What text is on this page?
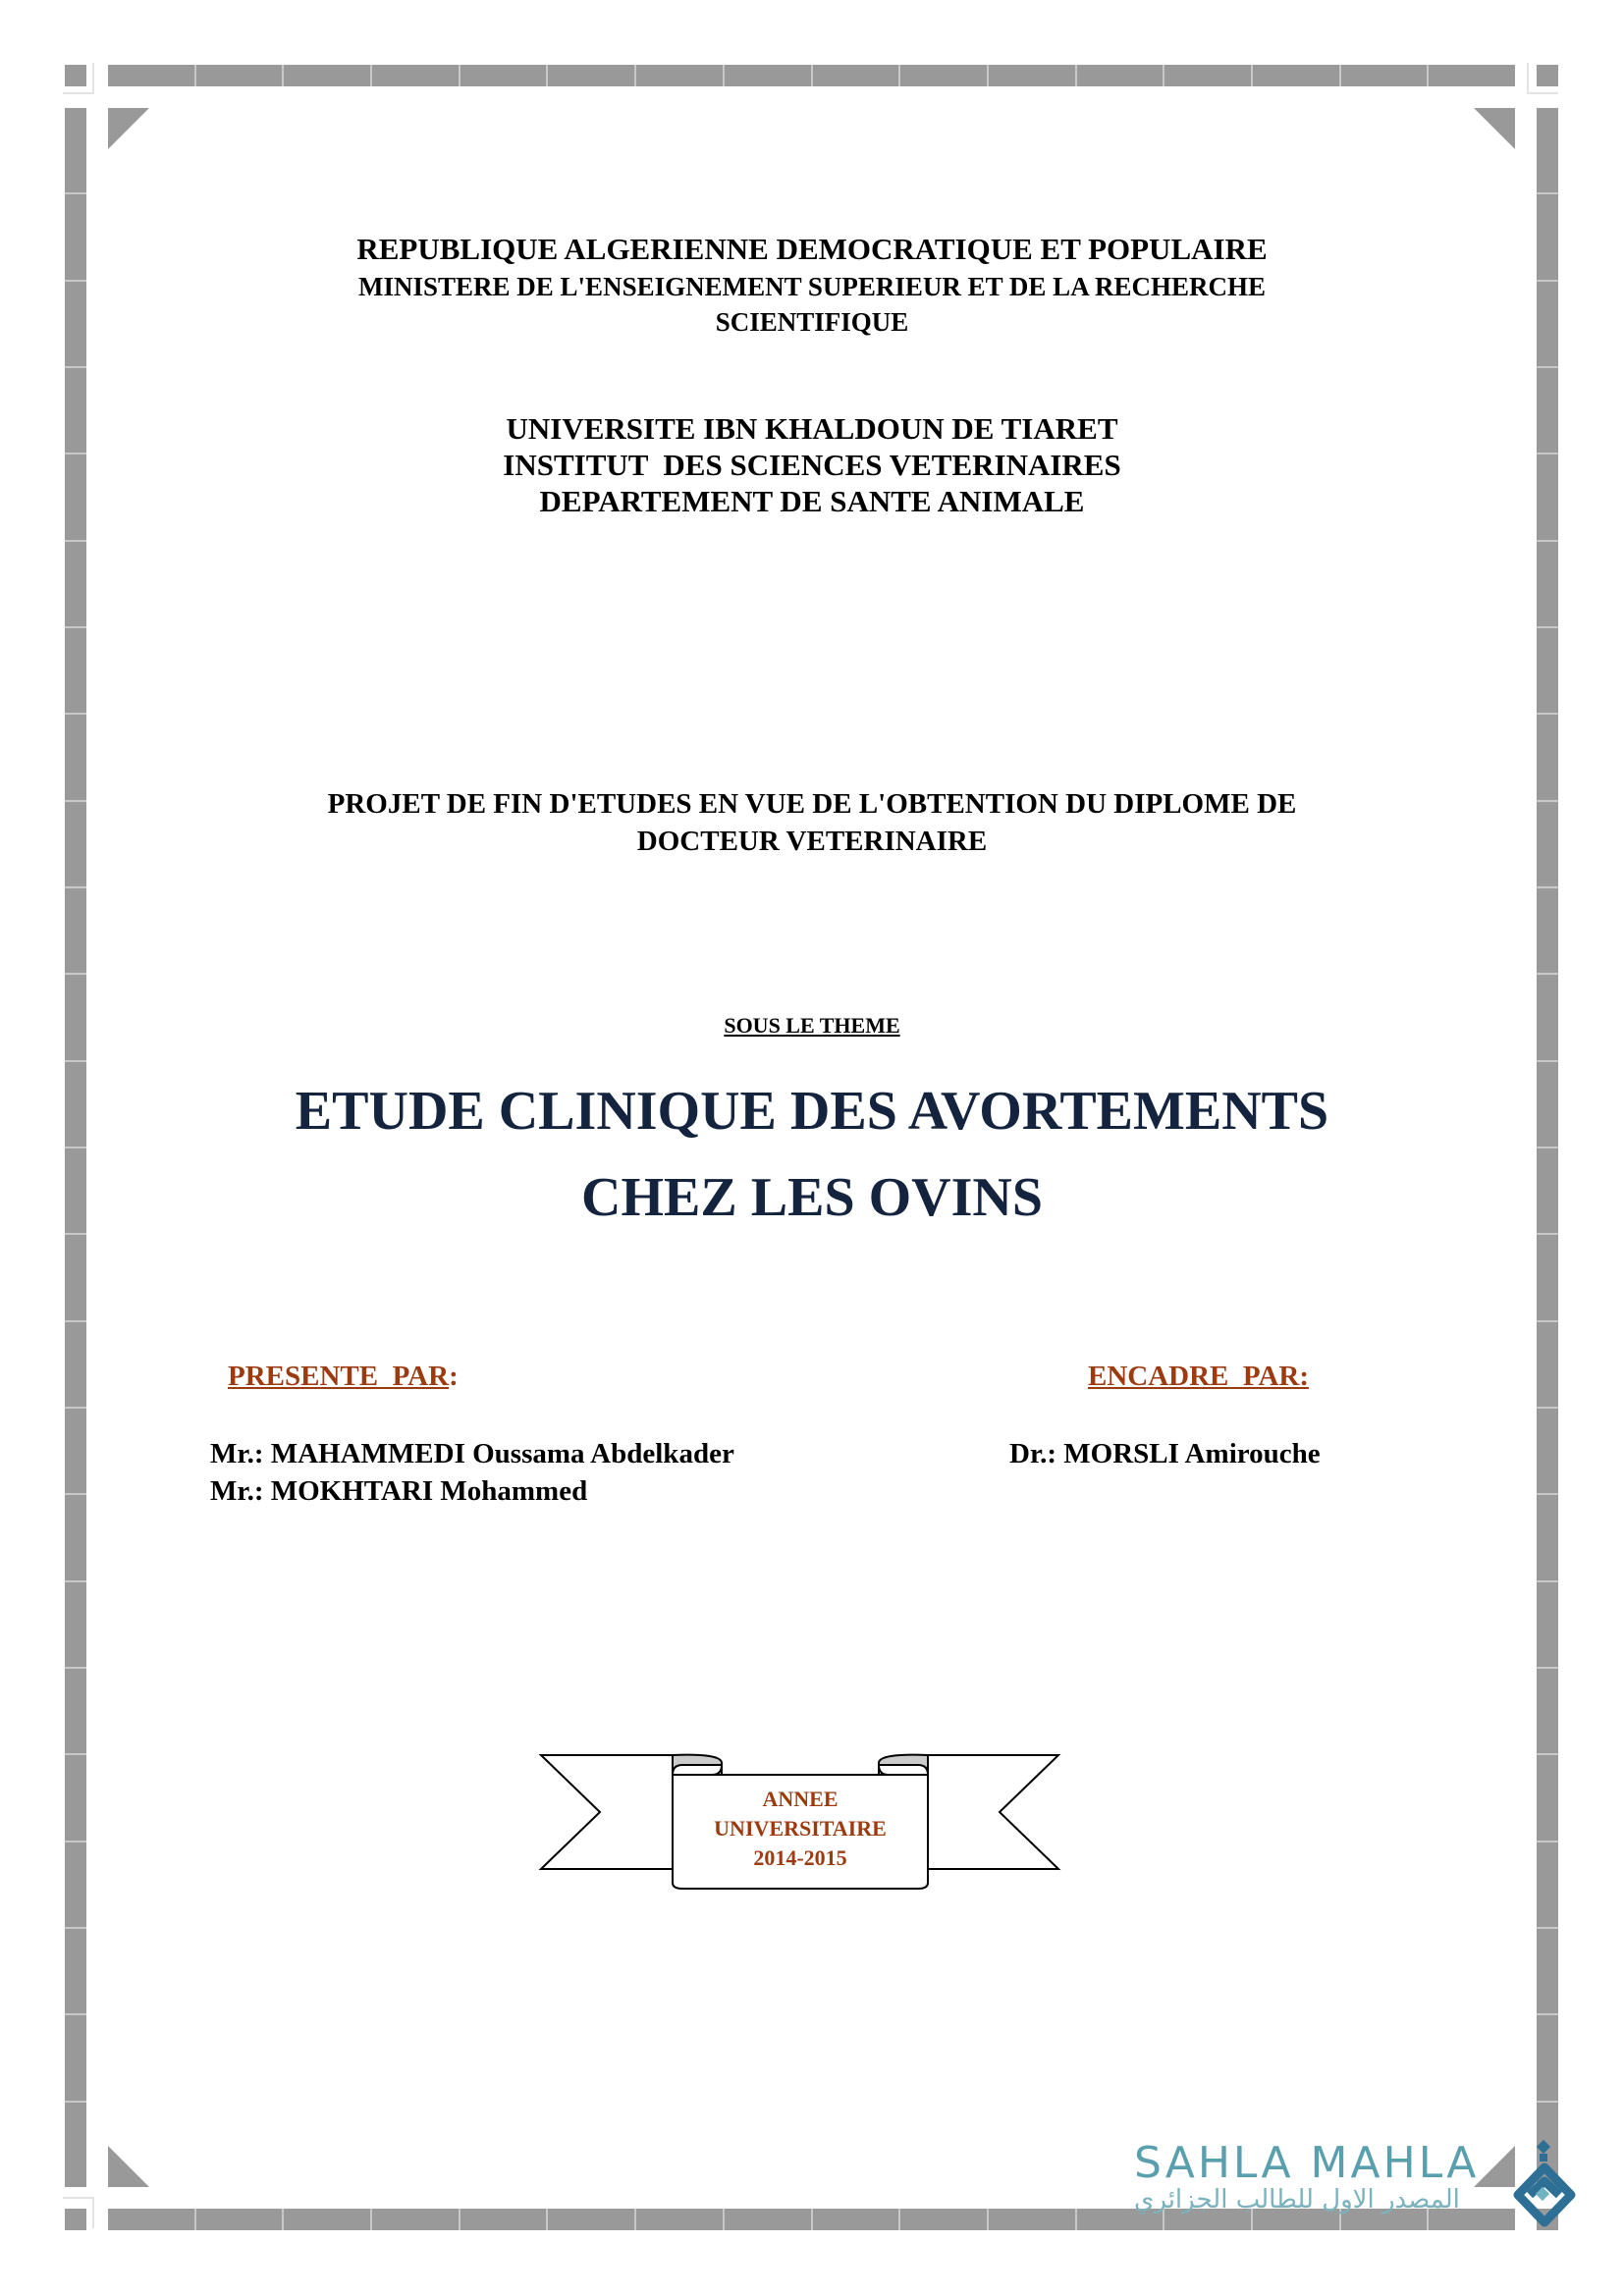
REPUBLIQUE ALGERIENNE DEMOCRATIQUE ET POPULAIRE
MINISTERE DE L'ENSEIGNEMENT SUPERIEUR ET DE LA RECHERCHE
SCIENTIFIQUE
UNIVERSITE IBN KHALDOUN DE TIARET
INSTITUT  DES SCIENCES VETERINAIRES
DEPARTEMENT DE SANTE ANIMALE
PROJET DE FIN D'ETUDES EN VUE DE L'OBTENTION DU DIPLOME DE
DOCTEUR VETERINAIRE
SOUS LE THEME
ETUDE CLINIQUE DES AVORTEMENTS
CHEZ LES OVINS
PRESENTE  PAR:	ENCADRE  PAR:
Mr.: MAHAMMEDI Oussama Abdelkader
Mr.: MOKHTARI Mohammed
Dr.: MORSLI Amirouche
ANNEE
UNIVERSITAIRE
2014-2015
SAHLA MAHLA
المصدر الاول للطالب الجزائري
